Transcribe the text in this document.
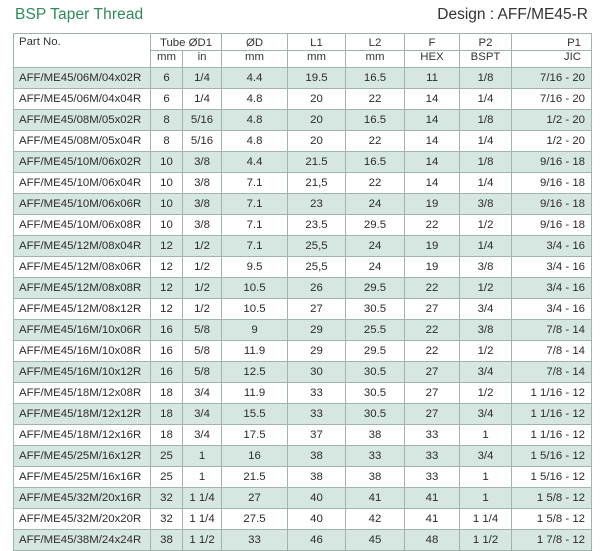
BSP Taper Thread	Design : AFF/ME45-R
Part No.	Tube ØD1		ØD	L1	L2	F	P2	P1
	mm	in	mm	mm	mm	HEX	BSPT	JIC
AFF/ME45/06M/04x02R	6	1/4	4.4	19.5	16.5	11	1/8	7/16 - 20
AFF/ME45/06M/04x04R	6	1/4	4.8	20	22	14	1/4	7/16 - 20
AFF/ME45/08M/05x02R	8	5/16	4.8	20	16.5	14	1/8	1/2 - 20
AFF/ME45/08M/05x04R	8	5/16	4.8	20	22	14	1/4	1/2 - 20
AFF/ME45/10M/06x02R	10	3/8	4.4	21.5	16.5	14	1/8	9/16 - 18
AFF/ME45/10M/06x04R	10	3/8	7.1	21,5	22	14	1/4	9/16 - 18
AFF/ME45/10M/06x06R	10	3/8	7.1	23	24	19	3/8	9/16 - 18
AFF/ME45/10M/06x08R	10	3/8	7.1	23.5	29.5	22	1/2	9/16 - 18
AFF/ME45/12M/08x04R	12	1/2	7.1	25,5	24	19	1/4	3/4 - 16
AFF/ME45/12M/08x06R	12	1/2	9.5	25,5	24	19	3/8	3/4 - 16
AFF/ME45/12M/08x08R	12	1/2	10.5	26	29.5	22	1/2	3/4 - 16
AFF/ME45/12M/08x12R	12	1/2	10.5	27	30.5	27	3/4	3/4 - 16
AFF/ME45/16M/10x06R	16	5/8	9	29	25.5	22	3/8	7/8 - 14
AFF/ME45/16M/10x08R	16	5/8	11.9	29	29.5	22	1/2	7/8 - 14
AFF/ME45/16M/10x12R	16	5/8	12.5	30	30.5	27	3/4	7/8 - 14
AFF/ME45/18M/12x08R	18	3/4	11.9	33	30.5	27	1/2	1 1/16 - 12
AFF/ME45/18M/12x12R	18	3/4	15.5	33	30.5	27	3/4	1 1/16 - 12
AFF/ME45/18M/12x16R	18	3/4	17.5	37	38	33	1	1 1/16 - 12
AFF/ME45/25M/16x12R	25	1	16	38	33	33	3/4	1 5/16 - 12
AFF/ME45/25M/16x16R	25	1	21.5	38	38	33	1	1 5/16 - 12
AFF/ME45/32M/20x16R	32	1 1/4	27	40	41	41	1	1 5/8 - 12
AFF/ME45/32M/20x20R	32	1 1/4	27.5	40	42	41	1 1/4	1 5/8 - 12
AFF/ME45/38M/24x24R	38	1 1/2	33	46	45	48	1 1/2	1 7/8 - 12
